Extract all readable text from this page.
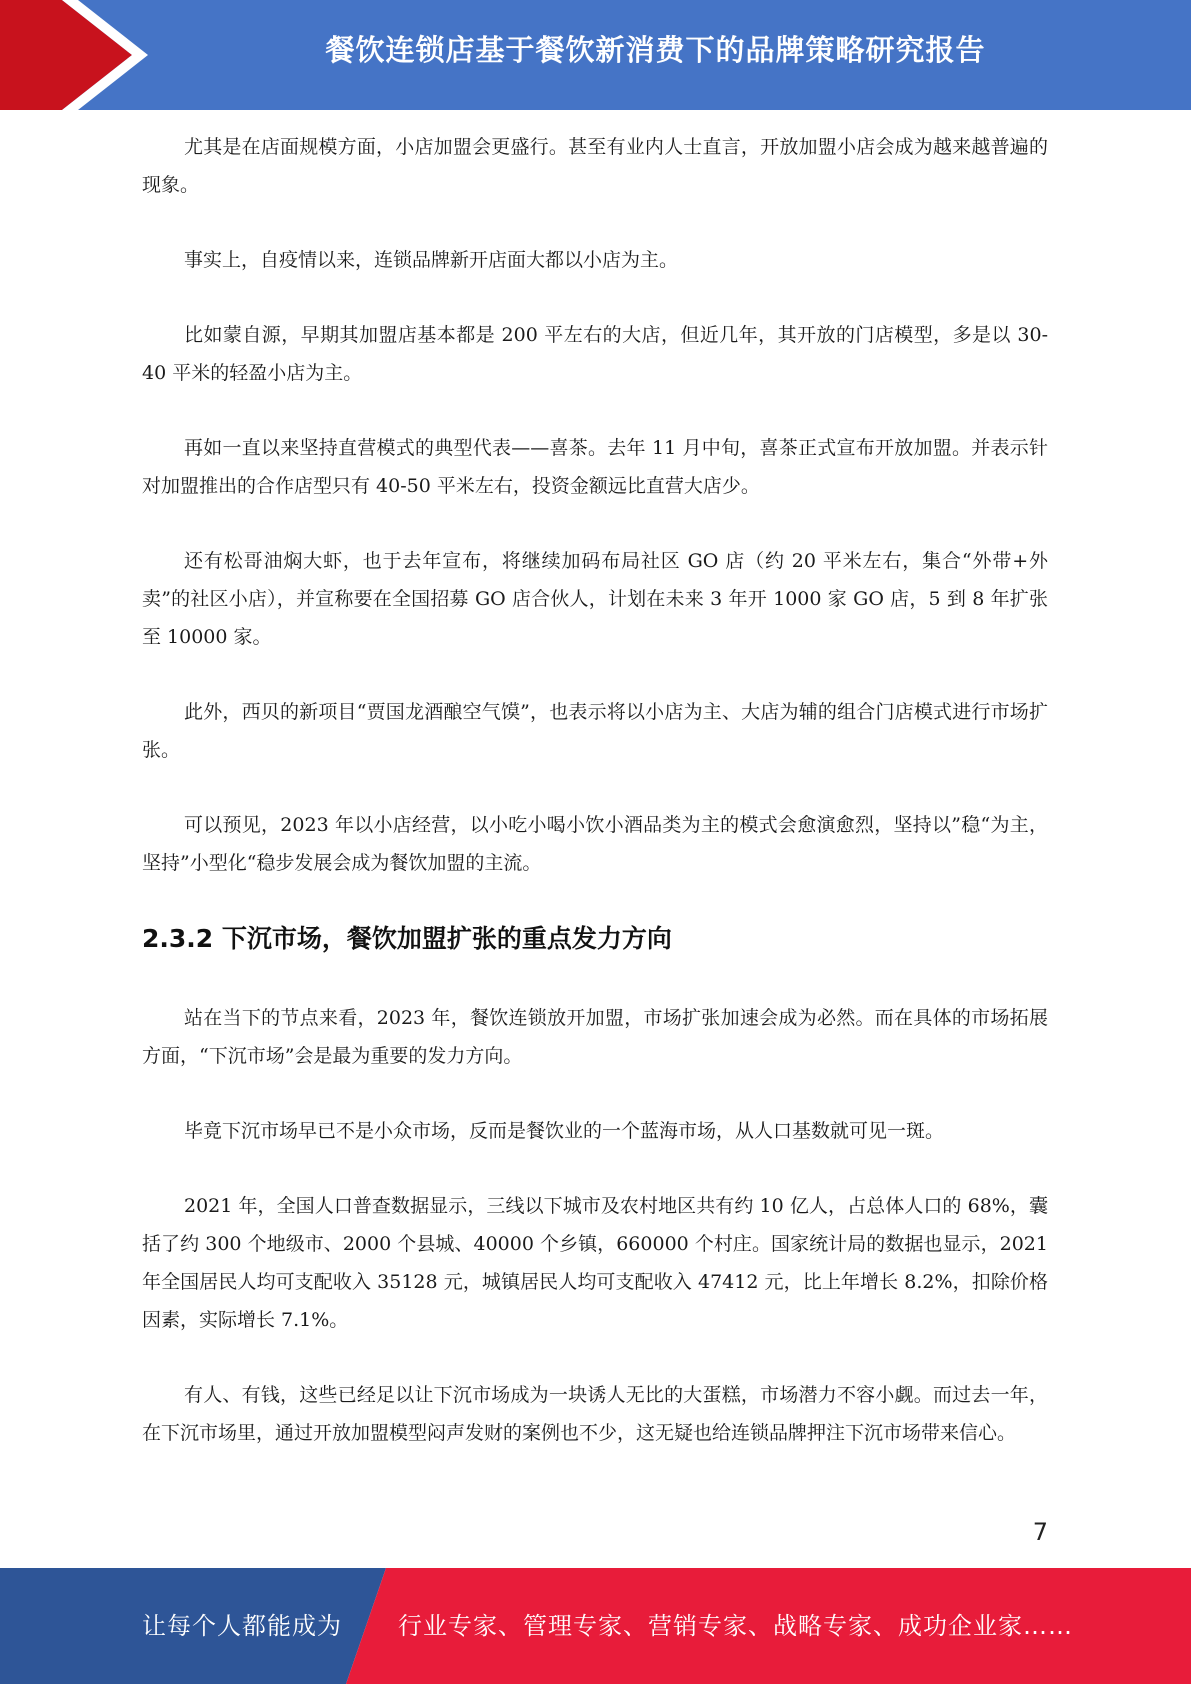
餐饮连锁店基于餐饮新消费下的品牌策略研究报告

尤其是在店面规模方面，小店加盟会更盛行。甚至有业内人士直言，开放加盟小店会成为越来越普遍的现象。

事实上，自疫情以来，连锁品牌新开店面大都以小店为主。

比如蒙自源，早期其加盟店基本都是 200 平左右的大店，但近几年，其开放的门店模型，多是以 30-40 平米的轻盈小店为主。

再如一直以来坚持直营模式的典型代表——喜茶。去年 11 月中旬，喜茶正式宣布开放加盟。并表示针对加盟推出的合作店型只有 40-50 平米左右，投资金额远比直营大店少。

还有松哥油焖大虾，也于去年宣布，将继续加码布局社区 GO 店（约 20 平米左右，集合“外带+外卖”的社区小店），并宣称要在全国招募 GO 店合伙人，计划在未来 3 年开 1000 家 GO 店，5 到 8 年扩张至 10000 家。

此外，西贝的新项目“贾国龙酒酿空气馍”，也表示将以小店为主、大店为辅的组合门店模式进行市场扩张。

可以预见，2023 年以小店经营，以小吃小喝小饮小酒品类为主的模式会愈演愈烈，坚持以”稳“为主，坚持”小型化“稳步发展会成为餐饮加盟的主流。

2.3.2 下沉市场，餐饮加盟扩张的重点发力方向

站在当下的节点来看，2023 年，餐饮连锁放开加盟，市场扩张加速会成为必然。而在具体的市场拓展方面，“下沉市场”会是最为重要的发力方向。

毕竟下沉市场早已不是小众市场，反而是餐饮业的一个蓝海市场，从人口基数就可见一斑。

2021 年，全国人口普查数据显示，三线以下城市及农村地区共有约 10 亿人，占总体人口的 68%，囊括了约 300 个地级市、2000 个县城、40000 个乡镇，660000 个村庄。国家统计局的数据也显示，2021 年全国居民人均可支配收入 35128 元，城镇居民人均可支配收入 47412 元，比上年增长 8.2%，扣除价格因素，实际增长 7.1%。

有人、有钱，这些已经足以让下沉市场成为一块诱人无比的大蛋糕，市场潜力不容小觑。而过去一年，在下沉市场里，通过开放加盟模型闷声发财的案例也不少，这无疑也给连锁品牌押注下沉市场带来信心。

7
让每个人都能成为 行业专家、管理专家、营销专家、战略专家、成功企业家……
